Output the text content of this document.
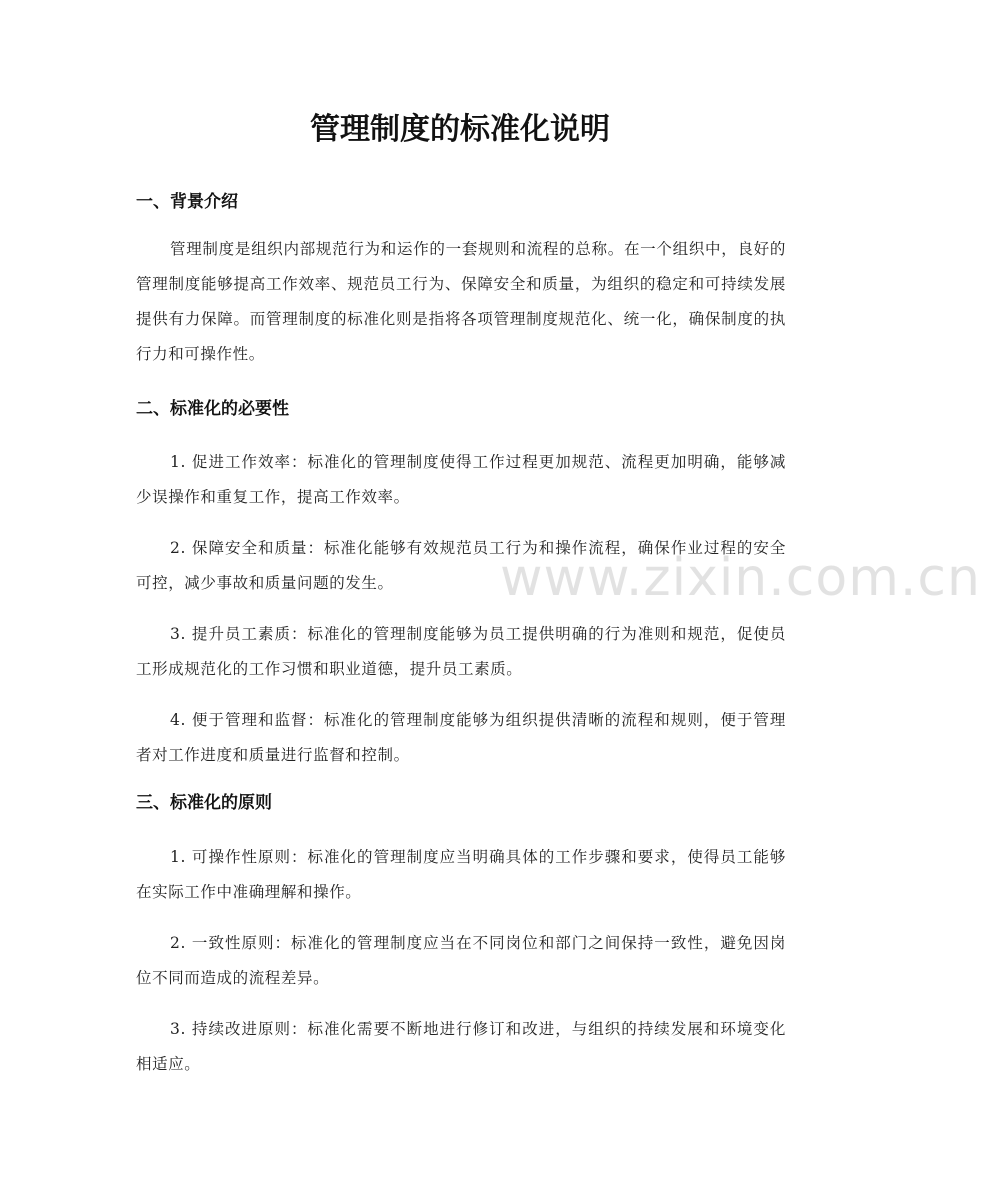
管理制度的标准化说明
一、背景介绍
管理制度是组织内部规范行为和运作的一套规则和流程的总称。在一个组织中，良好的管理制度能够提高工作效率、规范员工行为、保障安全和质量，为组织的稳定和可持续发展提供有力保障。而管理制度的标准化则是指将各项管理制度规范化、统一化，确保制度的执行力和可操作性。
二、标准化的必要性
1. 促进工作效率：标准化的管理制度使得工作过程更加规范、流程更加明确，能够减少误操作和重复工作，提高工作效率。
2. 保障安全和质量：标准化能够有效规范员工行为和操作流程，确保作业过程的安全可控，减少事故和质量问题的发生。
3. 提升员工素质：标准化的管理制度能够为员工提供明确的行为准则和规范，促使员工形成规范化的工作习惯和职业道德，提升员工素质。
4. 便于管理和监督：标准化的管理制度能够为组织提供清晰的流程和规则，便于管理者对工作进度和质量进行监督和控制。
三、标准化的原则
1. 可操作性原则：标准化的管理制度应当明确具体的工作步骤和要求，使得员工能够在实际工作中准确理解和操作。
2. 一致性原则：标准化的管理制度应当在不同岗位和部门之间保持一致性，避免因岗位不同而造成的流程差异。
3. 持续改进原则：标准化需要不断地进行修订和改进，与组织的持续发展和环境变化相适应。
www.zixin.com.cn
